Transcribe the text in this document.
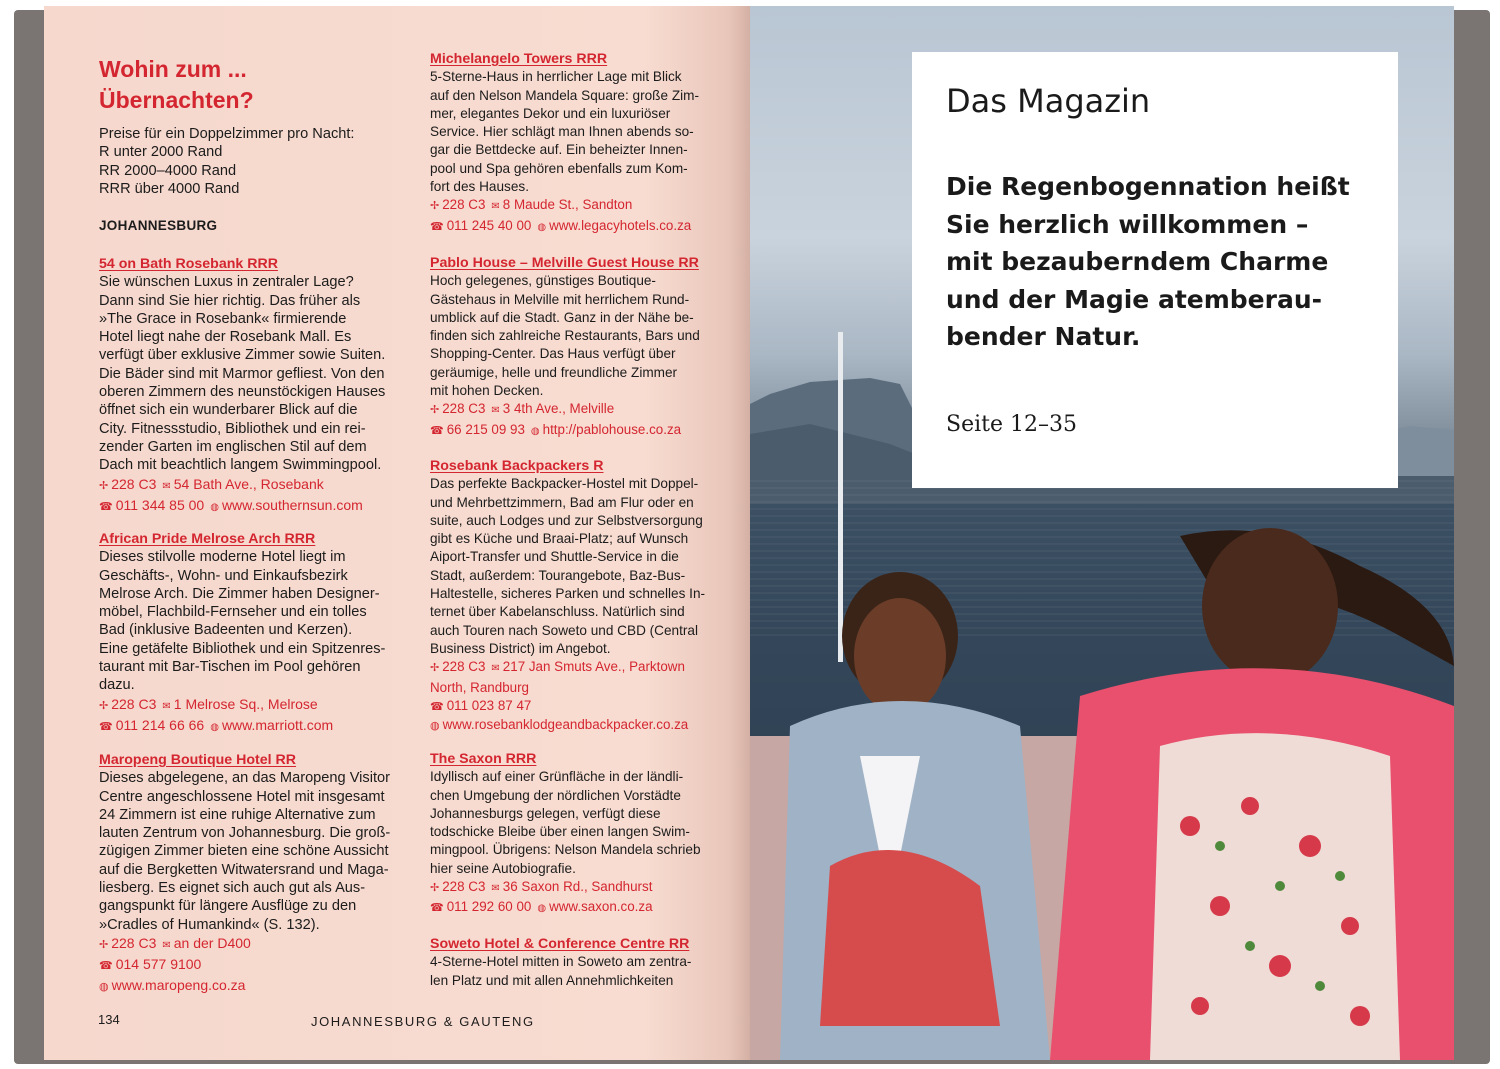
Wohin zum ...
Übernachten?
Preise für ein Doppelzimmer pro Nacht:
R unter 2000 Rand
RR 2000–4000 Rand
RRR über 4000 Rand
JOHANNESBURG
54 on Bath Rosebank RRR
Sie wünschen Luxus in zentraler Lage?
Dann sind Sie hier richtig. Das früher als
»The Grace in Rosebank« firmierende
Hotel liegt nahe der Rosebank Mall. Es
verfügt über exklusive Zimmer sowie Suiten.
Die Bäder sind mit Marmor gefliest. Von den
oberen Zimmern des neunstöckigen Hauses
öffnet sich ein wunderbarer Blick auf die
City. Fitnessstudio, Bibliothek und ein rei-
zender Garten im englischen Stil auf dem
Dach mit beachtlich langem Swimmingpool.
✢ 228 C3 ✉ 54 Bath Ave., Rosebank
☎ 011 344 85 00 ◍ www.southernsun.com
African Pride Melrose Arch RRR
Dieses stilvolle moderne Hotel liegt im
Geschäfts-, Wohn- und Einkaufsbezirk
Melrose Arch. Die Zimmer haben Designer-
möbel, Flachbild-Fernseher und ein tolles
Bad (inklusive Badeenten und Kerzen).
Eine getäfelte Bibliothek und ein Spitzenres-
taurant mit Bar-Tischen im Pool gehören
dazu.
✢ 228 C3 ✉ 1 Melrose Sq., Melrose
☎ 011 214 66 66 ◍ www.marriott.com
Maropeng Boutique Hotel RR
Dieses abgelegene, an das Maropeng Visitor
Centre angeschlossene Hotel mit insgesamt
24 Zimmern ist eine ruhige Alternative zum
lauten Zentrum von Johannesburg. Die groß-
zügigen Zimmer bieten eine schöne Aussicht
auf die Bergketten Witwatersrand und Maga-
liesberg. Es eignet sich auch gut als Aus-
gangspunkt für längere Ausflüge zu den
»Cradles of Humankind« (S. 132).
✢ 228 C3 ✉ an der D400
☎ 014 577 9100
◍ www.maropeng.co.za
Michelangelo Towers RRR
5-Sterne-Haus in herrlicher Lage mit Blick
auf den Nelson Mandela Square: große Zim-
mer, elegantes Dekor und ein luxuriöser
Service. Hier schlägt man Ihnen abends so-
gar die Bettdecke auf. Ein beheizter Innen-
pool und Spa gehören ebenfalls zum Kom-
fort des Hauses.
✢ 228 C3 ✉ 8 Maude St., Sandton
☎ 011 245 40 00 ◍ www.legacyhotels.co.za
Pablo House – Melville Guest House RR
Hoch gelegenes, günstiges Boutique-
Gästehaus in Melville mit herrlichem Rund-
umblick auf die Stadt. Ganz in der Nähe be-
finden sich zahlreiche Restaurants, Bars und
Shopping-Center. Das Haus verfügt über
geräumige, helle und freundliche Zimmer
mit hohen Decken.
✢ 228 C3 ✉ 3 4th Ave., Melville
☎ 66 215 09 93 ◍ http://pablohouse.co.za
Rosebank Backpackers R
Das perfekte Backpacker-Hostel mit Doppel-
und Mehrbettzimmern, Bad am Flur oder en
suite, auch Lodges und zur Selbstversorgung
gibt es Küche und Braai-Platz; auf Wunsch
Aiport-Transfer und Shuttle-Service in die
Stadt, außerdem: Tourangebote, Baz-Bus-
Haltestelle, sicheres Parken und schnelles In-
ternet über Kabelanschluss. Natürlich sind
auch Touren nach Soweto und CBD (Central
Business District) im Angebot.
✢ 228 C3 ✉ 217 Jan Smuts Ave., Parktown
North, Randburg
☎ 011 023 87 47
◍ www.rosebanklodgeandbackpacker.co.za
The Saxon RRR
Idyllisch auf einer Grünfläche in der ländli-
chen Umgebung der nördlichen Vorstädte
Johannesburgs gelegen, verfügt diese
todschicke Bleibe über einen langen Swim-
mingpool. Übrigens: Nelson Mandela schrieb
hier seine Autobiografie.
✢ 228 C3 ✉ 36 Saxon Rd., Sandhurst
☎ 011 292 60 00 ◍ www.saxon.co.za
Soweto Hotel & Conference Centre RR
4-Sterne-Hotel mitten in Soweto am zentra-
len Platz und mit allen Annehmlichkeiten
134	JOHANNESBURG & GAUTENG
Das Magazin
Die Regenbogennation heißt
Sie herzlich willkommen –
mit bezauberndem Charme
und der Magie atemberau-
bender Natur.
Seite 12–35
